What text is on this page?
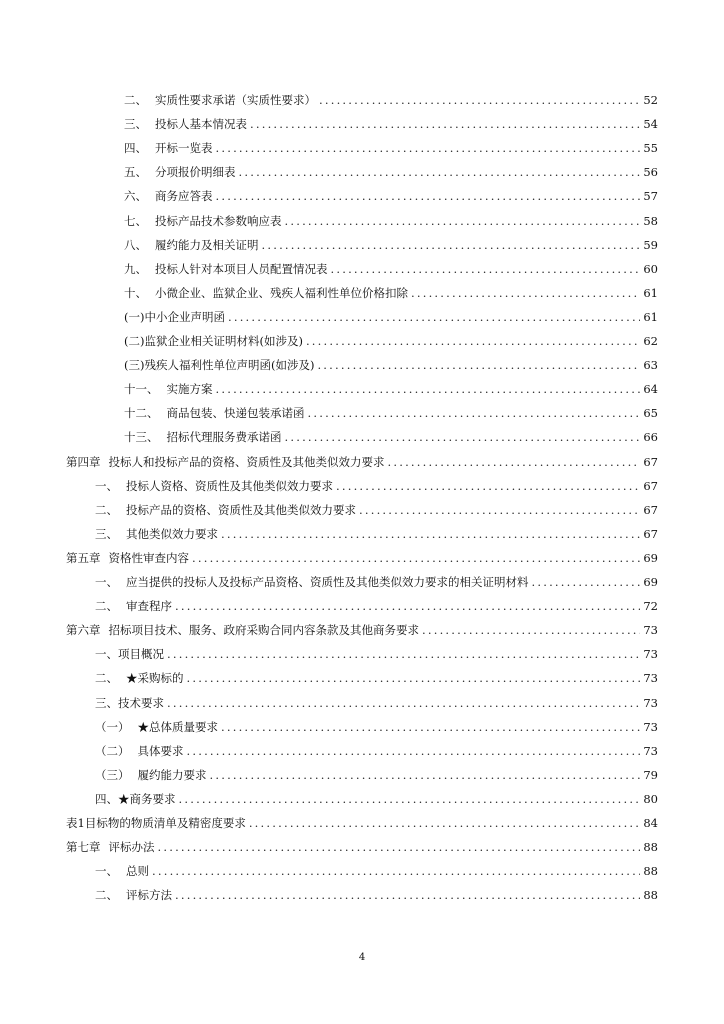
二、 实质性要求承诺（实质性要求） .....	52
三、 投标人基本情况表 .....	54
四、 开标一览表 .....	55
五、 分项报价明细表 .....	56
六、 商务应答表 .....	57
七、 投标产品技术参数响应表 .....	58
八、 履约能力及相关证明 .....	59
九、 投标人针对本项目人员配置情况表 .....	60
十、 小微企业、监狱企业、残疾人福利性单位价格扣除 .....	61
(一)中小企业声明函 .....	61
(二)监狱企业相关证明材料(如涉及) .....	62
(三)残疾人福利性单位声明函(如涉及) .....	63
十一、 实施方案 .....	64
十二、 商品包装、快递包装承诺函 .....	65
十三、 招标代理服务费承诺函 .....	66
第四章 投标人和投标产品的资格、资质性及其他类似效力要求 .....	67
一、 投标人资格、资质性及其他类似效力要求 .....	67
二、 投标产品的资格、资质性及其他类似效力要求 .....	67
三、 其他类似效力要求 .....	67
第五章 资格性审查内容 .....	69
一、 应当提供的投标人及投标产品资格、资质性及其他类似效力要求的相关证明材料 .....	69
二、 审查程序 .....	72
第六章 招标项目技术、服务、政府采购合同内容条款及其他商务要求 .....	73
一、项目概况 .....	73
二、 ★采购标的 .....	73
三、技术要求 .....	73
（一） ★总体质量要求 .....	73
（二） 具体要求 .....	73
（三） 履约能力要求 .....	79
四、★商务要求 .....	80
表1目标物的物质清单及精密度要求 .....	84
第七章 评标办法 .....	88
一、 总则 .....	88
二、 评标方法 .....	88
4
